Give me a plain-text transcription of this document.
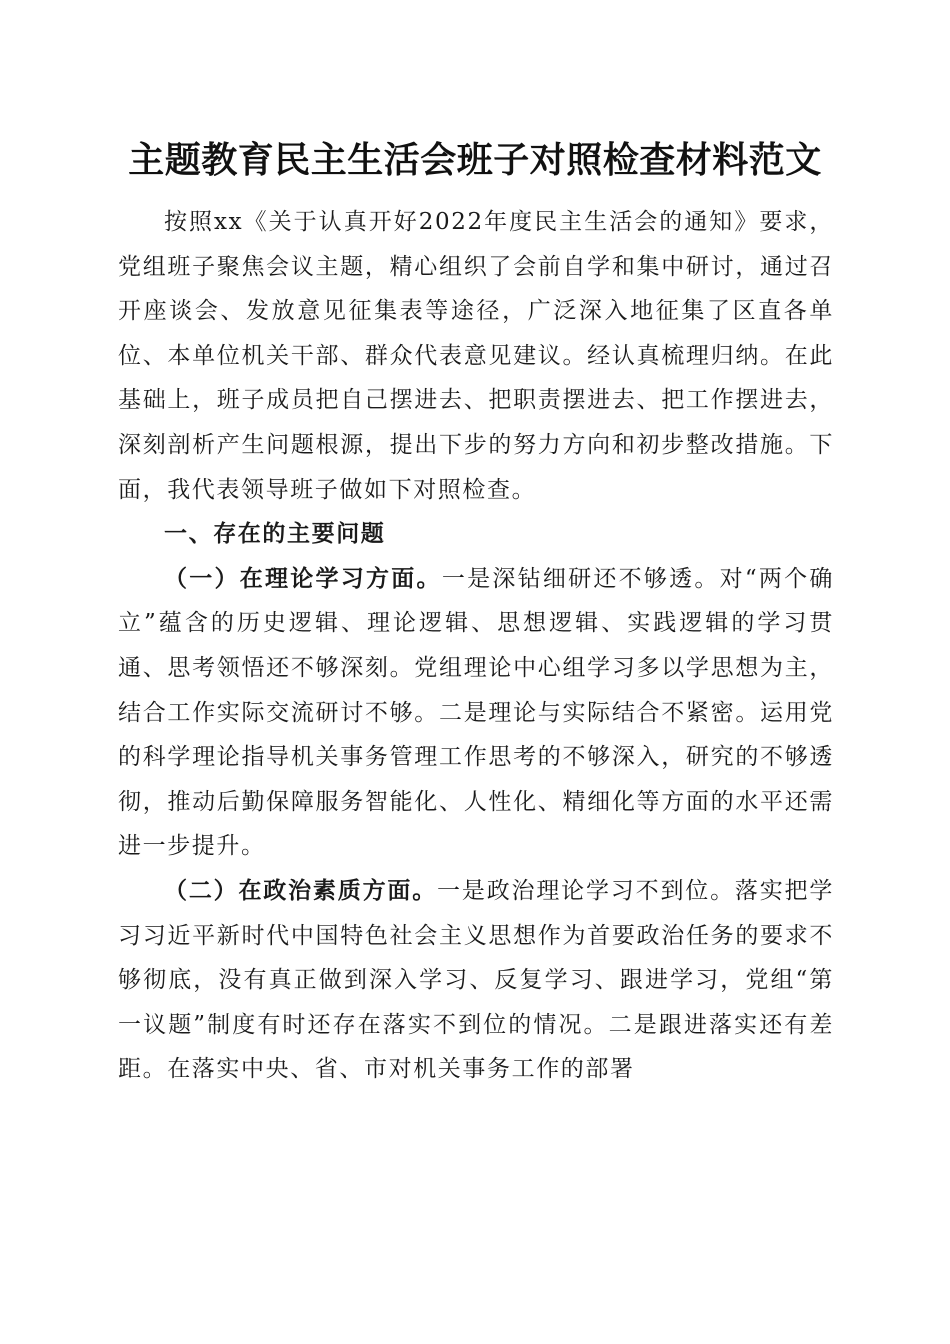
主题教育民主生活会班子对照检查材料范文

按照xx《关于认真开好2022年度民主生活会的通知》要求，党组班子聚焦会议主题，精心组织了会前自学和集中研讨，通过召开座谈会、发放意见征集表等途径，广泛深入地征集了区直各单位、本单位机关干部、群众代表意见建议。经认真梳理归纳。在此基础上，班子成员把自己摆进去、把职责摆进去、把工作摆进去，深刻剖析产生问题根源，提出下步的努力方向和初步整改措施。下面，我代表领导班子做如下对照检查。

一、存在的主要问题

（一）在理论学习方面。一是深钻细研还不够透。对“两个确立”蕴含的历史逻辑、理论逻辑、思想逻辑、实践逻辑的学习贯通、思考领悟还不够深刻。党组理论中心组学习多以学思想为主，结合工作实际交流研讨不够。二是理论与实际结合不紧密。运用党的科学理论指导机关事务管理工作思考的不够深入，研究的不够透彻，推动后勤保障服务智能化、人性化、精细化等方面的水平还需进一步提升。

（二）在政治素质方面。一是政治理论学习不到位。落实把学习习近平新时代中国特色社会主义思想作为首要政治任务的要求不够彻底，没有真正做到深入学习、反复学习、跟进学习，党组“第一议题”制度有时还存在落实不到位的情况。二是跟进落实还有差距。在落实中央、省、市对机关事务工作的部署
